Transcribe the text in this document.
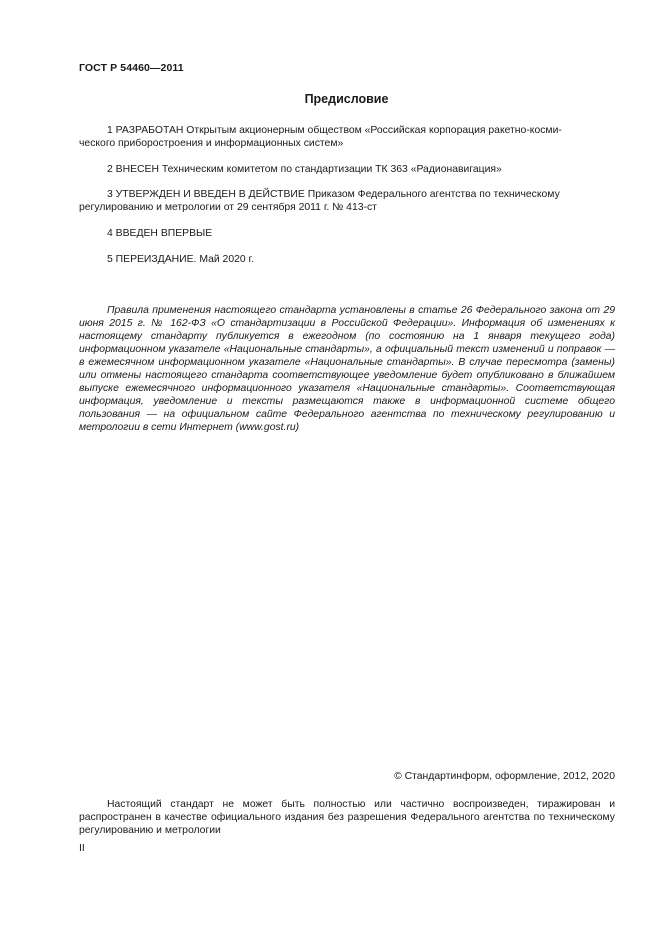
ГОСТ Р 54460—2011
Предисловие

1 РАЗРАБОТАН Открытым акционерным обществом «Российская корпорация ракетно-косми-

ческого приборостроения и информационных систем»

2 ВНЕСЕН Техническим комитетом по стандартизации ТК 363 «Радионавигация»

3 УТВЕРЖДЕН И ВВЕДЕН В ДЕЙСТВИЕ Приказом Федерального агентства по техническому

регулированию и метрологии от 29 сентября 2011 г. № 413-ст

4 ВВЕДЕН ВПЕРВЫЕ

5 ПЕРЕИЗДАНИЕ. Май 2020 г.

Правила применения настоящего стандарта установлены в статье 26 Федерального закона от 29 июня 2015 г. № 162-ФЗ «О стандартизации в Российской Федерации». Информация об изменениях к настоящему стандарту публикуется в ежегодном (по состоянию на 1 января текущего года) информационном указателе «Национальные стандарты», а официальный текст изменений и поправок — в ежемесячном информационном указателе «Национальные стандарты». В случае пересмотра (замены) или отмены настоящего стандарта соответствующее уведомление будет опубликовано в ближайшем выпуске ежемесячного информационного указателя «Национальные стандарты». Соответствующая информация, уведомление и тексты размещаются также в информационной системе общего пользования — на официальном сайте Федерального агентства по техническому регулированию и метрологии в сети Интернет (www.gost.ru)
© Стандартинформ, оформление, 2012, 2020
Настоящий стандарт не может быть полностью или частично воспроизведен, тиражирован и распространен в качестве официального издания без разрешения Федерального агентства по техническому регулированию и метрологии
II
